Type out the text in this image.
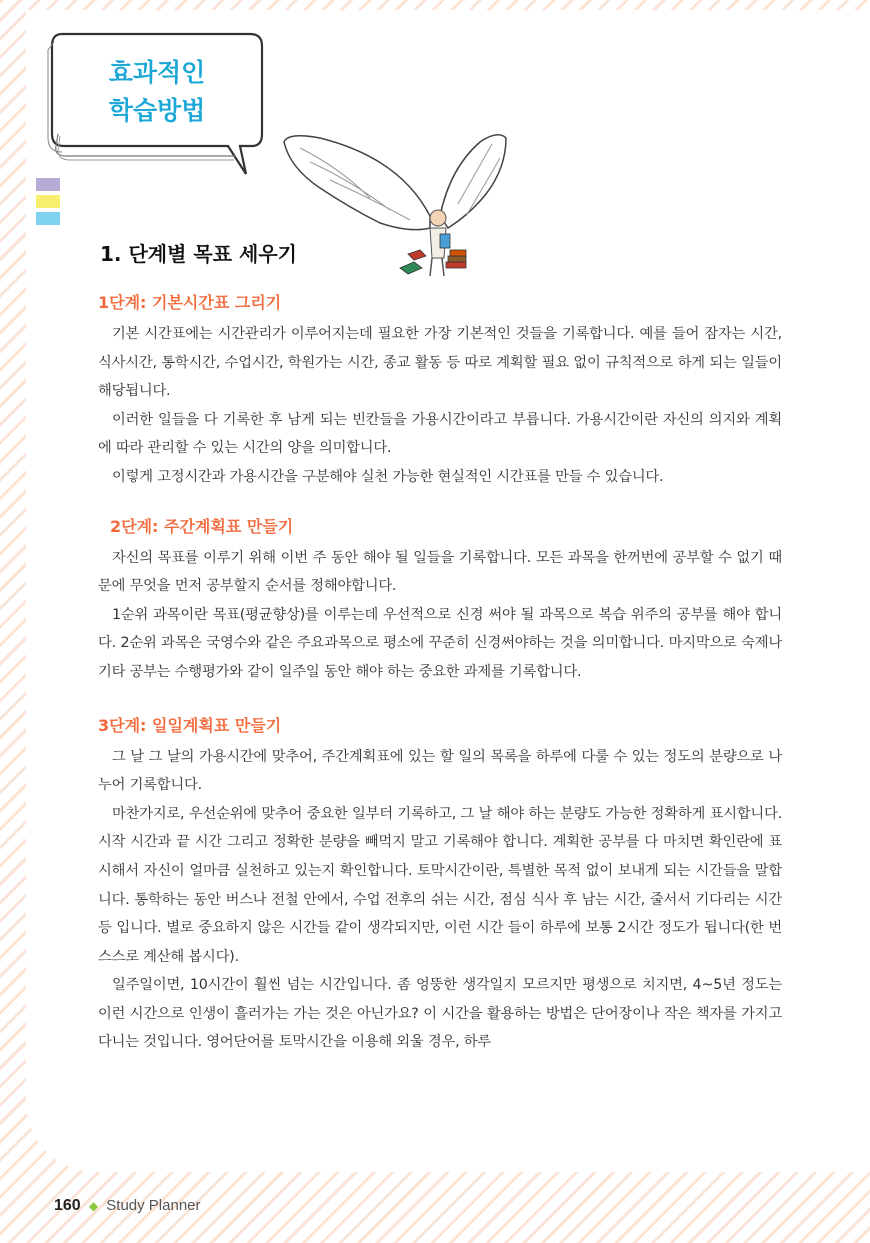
효과적인
학습방법
1. 단계별 목표 세우기
1단계: 기본시간표 그리기

기본 시간표에는 시간관리가 이루어지는데 필요한 가장 기본적인 것들을 기록합니다. 예를 들어 잠자는 시간, 식사시간, 통학시간, 수업시간, 학원가는 시간, 종교 활동 등 따로 계획할 필요 없이 규칙적으로 하게 되는 일들이 해당됩니다.

이러한 일들을 다 기록한 후 남게 되는 빈칸들을 가용시간이라고 부릅니다. 가용시간이란 자신의 의지와 계획에 따라 관리할 수 있는 시간의 양을 의미합니다.

이렇게 고정시간과 가용시간을 구분해야 실천 가능한 현실적인 시간표를 만들 수 있습니다.

2단계: 주간계획표 만들기

자신의 목표를 이루기 위해 이번 주 동안 해야 될 일들을 기록합니다. 모든 과목을 한꺼번에 공부할 수 없기 때문에 무엇을 먼저 공부할지 순서를 정해야합니다.

1순위 과목이란 목표(평균향상)를 이루는데 우선적으로 신경 써야 될 과목으로 복습 위주의 공부를 해야 합니다. 2순위 과목은 국영수와 같은 주요과목으로 평소에 꾸준히 신경써야하는 것을 의미합니다. 마지막으로 숙제나 기타 공부는 수행평가와 같이 일주일 동안 해야 하는 중요한 과제를 기록합니다.

3단계: 일일계획표 만들기

그 날 그 날의 가용시간에 맞추어, 주간계획표에 있는 할 일의 목록을 하루에 다룰 수 있는 정도의 분량으로 나누어 기록합니다.

마찬가지로, 우선순위에 맞추어 중요한 일부터 기록하고, 그 날 해야 하는 분량도 가능한 정확하게 표시합니다. 시작 시간과 끝 시간 그리고 정확한 분량을 빼먹지 말고 기록해야 합니다. 계획한 공부를 다 마치면 확인란에 표시해서 자신이 얼마큼 실천하고 있는지 확인합니다. 토막시간이란, 특별한 목적 없이 보내게 되는 시간들을 말합니다. 통학하는 동안 버스나 전철 안에서, 수업 전후의 쉬는 시간, 점심 식사 후 남는 시간, 줄서서 기다리는 시간 등 입니다. 별로 중요하지 않은 시간들 같이 생각되지만, 이런 시간 들이 하루에 보통 2시간 정도가 됩니다(한 번 스스로 계산해 봅시다).

일주일이면, 10시간이 훨씬 넘는 시간입니다. 좀 엉뚱한 생각일지 모르지만 평생으로 치지면, 4~5년 정도는 이런 시간으로 인생이 흘러가는 가는 것은 아닌가요? 이 시간을 활용하는 방법은 단어장이나 작은 책자를 가지고 다니는 것입니다. 영어단어를 토막시간을 이용해 외울 경우, 하루

160 ◆ Study Planner
